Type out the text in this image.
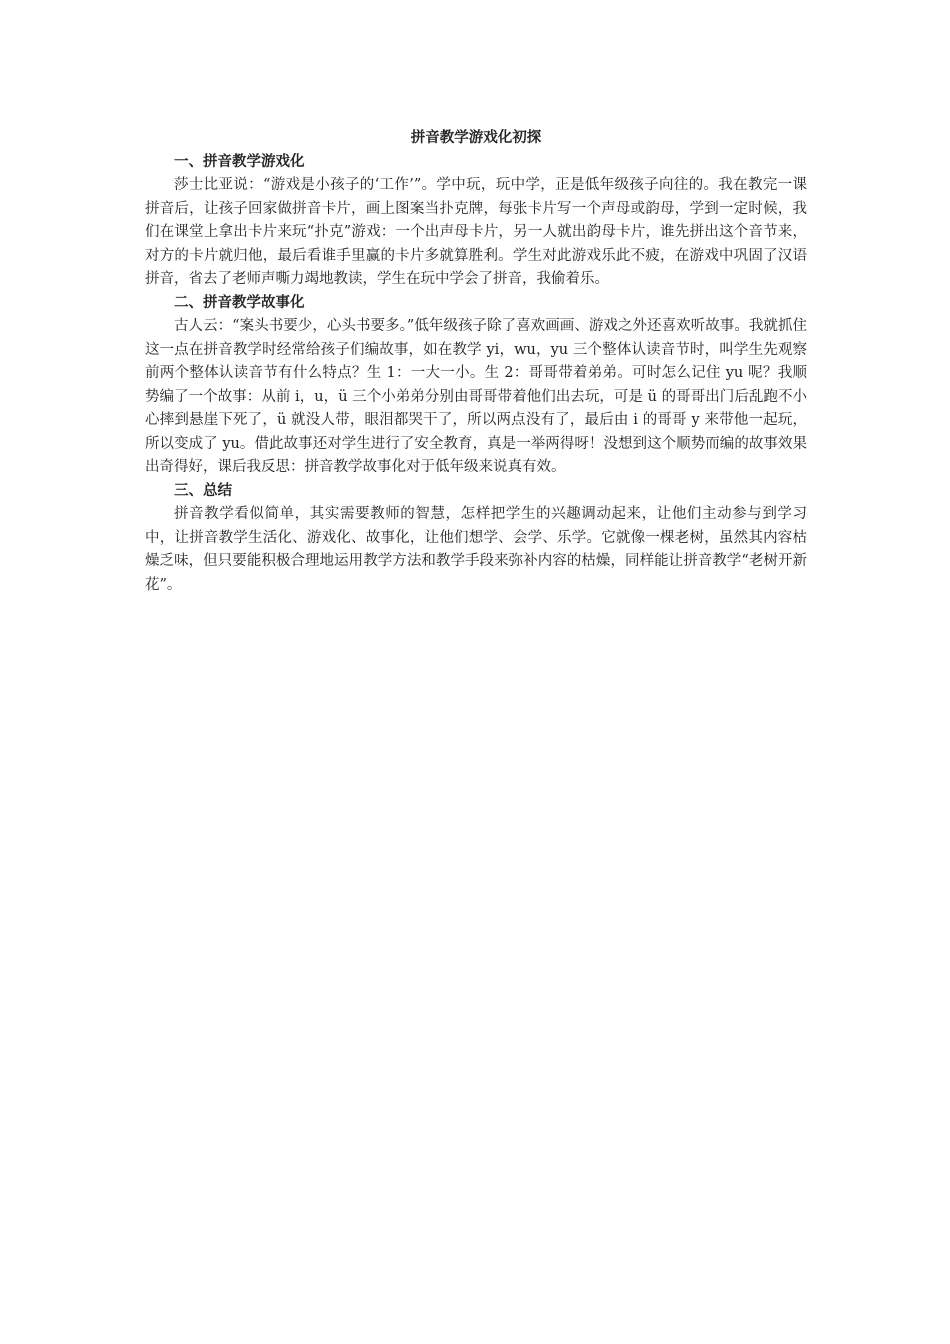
拼音教学游戏化初探

一、拼音教学游戏化

莎士比亚说：“游戏是小孩子的‘工作’”。学中玩，玩中学，正是低年级孩子向往的。我在教完一课拼音后，让孩子回家做拼音卡片，画上图案当扑克牌，每张卡片写一个声母或韵母，学到一定时候，我们在课堂上拿出卡片来玩“扑克”游戏：一个出声母卡片，另一人就出韵母卡片，谁先拼出这个音节来，对方的卡片就归他，最后看谁手里赢的卡片多就算胜利。学生对此游戏乐此不疲，在游戏中巩固了汉语拼音，省去了老师声嘶力竭地教读，学生在玩中学会了拼音，我偷着乐。

二、拼音教学故事化

古人云：“案头书要少，心头书要多。”低年级孩子除了喜欢画画、游戏之外还喜欢听故事。我就抓住这一点在拼音教学时经常给孩子们编故事，如在教学 yi，wu，yu 三个整体认读音节时，叫学生先观察前两个整体认读音节有什么特点？生 1：一大一小。生 2：哥哥带着弟弟。可时怎么记住 yu 呢？我顺势编了一个故事：从前 i，u，ü 三个小弟弟分别由哥哥带着他们出去玩，可是 ü 的哥哥出门后乱跑不小心摔到悬崖下死了，ü 就没人带，眼泪都哭干了，所以两点没有了，最后由 i 的哥哥 y 来带他一起玩，所以变成了 yu。借此故事还对学生进行了安全教育，真是一举两得呀！没想到这个顺势而编的故事效果出奇得好，课后我反思：拼音教学故事化对于低年级来说真有效。

三、总结

拼音教学看似简单，其实需要教师的智慧，怎样把学生的兴趣调动起来，让他们主动参与到学习中，让拼音教学生活化、游戏化、故事化，让他们想学、会学、乐学。它就像一棵老树，虽然其内容枯燥乏味，但只要能积极合理地运用教学方法和教学手段来弥补内容的枯燥，同样能让拼音教学“老树开新花”。
